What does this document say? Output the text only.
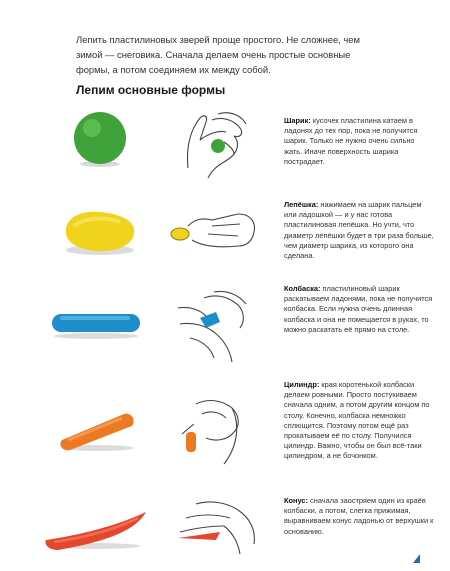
Лепить пластилиновых зверей проще простого. Не сложнее, чем зимой — снеговика. Сначала делаем очень простые основные формы, а потом соединяем их между собой.
Лепим основные формы
Шарик: кусочек пластилина катаем в ладонях до тех пор, пока не получится шарик. Только не нужно очень сильно жать. Иначе поверхность шарика пострадает.
Лепёшка: нажимаем на шарик пальцем или ладошкой — и у нас готова пластилиновая лепёшка. Но учти, что диаметр лепёшки будет в три раза больше, чем диаметр шарика, из которого она сделана.
Колбаска: пластилиновый шарик раскатываем ладонями, пока не получится колбаска. Если нужна очень длинная колбаска и она не помещается в руках, то можно раскатать её прямо на столе.
Цилиндр: края коротенькой колбаски делаем ровными. Просто постукиваем сначала одним, а потом другим концом по столу. Конечно, колбаска немножко сплющится. Поэтому потом ещё раз прокатываем её по столу. Получился цилиндр. Важно, чтобы он был всё-таки цилиндром, а не бочонком.
Конус: сначала заостряем один из краёв колбаски, а потом, слегка прижимая, выравниваем конус ладонью от верхушки к основанию.
